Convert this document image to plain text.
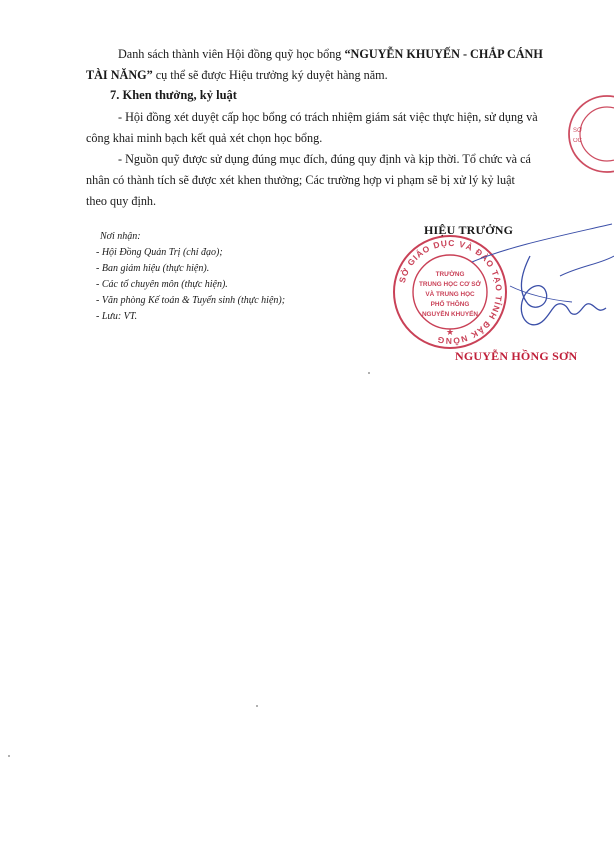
Danh sách thành viên Hội đồng quỹ học bổng “NGUYỄN KHUYẾN - CHẮP CÁNH
TÀI NĂNG” cụ thể sẽ được Hiệu trưởng ký duyệt hàng năm.

7. Khen thưởng, kỷ luật

- Hội đồng xét duyệt cấp học bổng có trách nhiệm giám sát việc thực hiện, sử dụng và
công khai minh bạch kết quả xét chọn học bổng.

- Nguồn quỹ được sử dụng đúng mục đích, đúng quy định và kịp thời. Tổ chức và cá
nhân có thành tích sẽ được xét khen thưởng; Các trường hợp vi phạm sẽ bị xử lý kỷ luật
theo quy định.

Nơi nhận:
- Hội Đồng Quản Trị (chỉ đạo);
- Ban giám hiệu (thực hiện).
- Các tổ chuyên môn (thực hiện).
- Văn phòng Kế toán & Tuyển sinh (thực hiện);
- Lưu: VT.
HIỆU TRƯỞNG
SỞ GIÁO DỤC VÀ ĐÀO TẠO TỈNH ĐẮK NÔNG
TRƯỜNG
TRUNG HỌC CƠ SỞ
VÀ TRUNG HỌC
PHỔ THÔNG
NGUYỄN KHUYẾN
★
SỞ
OC
NGUYỄN HỒNG SƠN
